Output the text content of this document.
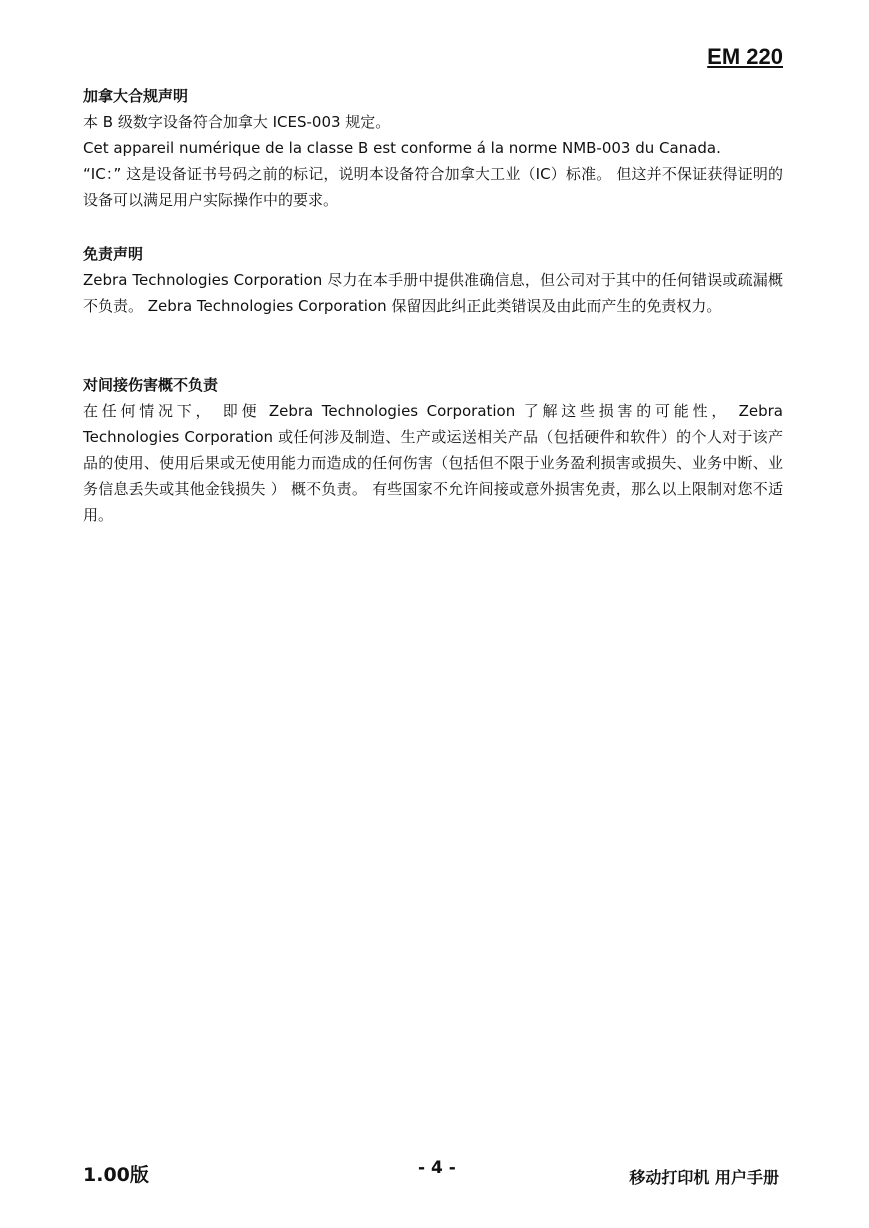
EM 220
加拿大合规声明

本 B 级数字设备符合加拿大 ICES-003 规定。

Cet appareil numérique de la classe B est conforme á la norme NMB-003 du Canada.

“IC：” 这是设备证书号码之前的标记，说明本设备符合加拿大工业（IC）标准。 但这并不保证获得证明的设备可以满足用户实际操作中的要求。

免责声明

Zebra Technologies Corporation 尽力在本手册中提供准确信息，但公司对于其中的任何错误或疏漏概不负责。 Zebra Technologies Corporation 保留因此纠正此类错误及由此而产生的免责权力。

对间接伤害概不负责

在任何情况下， 即便 Zebra Technologies Corporation 了解这些损害的可能性， Zebra Technologies Corporation 或任何涉及制造、生产或运送相关产品（包括硬件和软件）的个人对于该产品的使用、使用后果或无使用能力而造成的任何伤害（包括但不限于业务盈利损害或损失、业务中断、业务信息丢失或其他金钱损失 ） 概不负责。 有些国家不允许间接或意外损害免责，那么以上限制对您不适用。

1.00版	- 4 -	移动打印机 用户手册
